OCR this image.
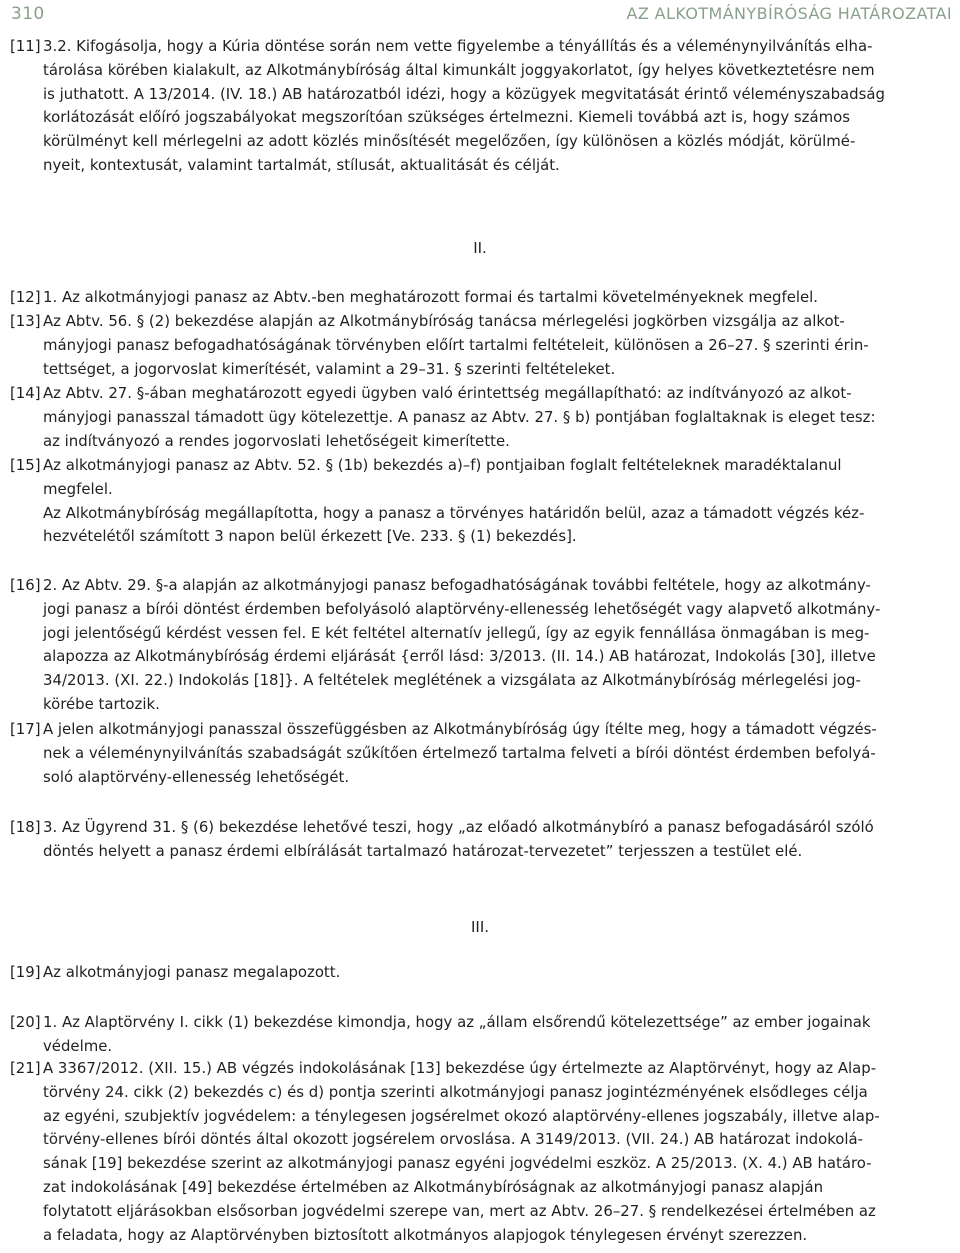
310	AZ ALKOTMÁNYBÍRÓSÁG HATÁROZATAI
[11] 3.2. Kifogásolja, hogy a Kúria döntése során nem vette figyelembe a tényállítás és a véleménynyilvánítás elha-

tárolása körében kialakult, az Alkotmánybíróság által kimunkált joggyakorlatot, így helyes következtetésre nem

is juthatott. A 13/2014. (IV. 18.) AB határozatból idézi, hogy a közügyek megvitatását érintő véleményszabadság

korlátozását előíró jogszabályokat megszorítóan szükséges értelmezni. Kiemeli továbbá azt is, hogy számos

körülményt kell mérlegelni az adott közlés minősítését megelőzően, így különösen a közlés módját, körülmé-

nyeit, kontextusát, valamint tartalmát, stílusát, aktualitását és célját.

II.
[12] 1. Az alkotmányjogi panasz az Abtv.-ben meghatározott formai és tartalmi követelményeknek megfelel.

[13] Az Abtv. 56. § (2) bekezdése alapján az Alkotmánybíróság tanácsa mérlegelési jogkörben vizsgálja az alkot-

mányjogi panasz befogadhatóságának törvényben előírt tartalmi feltételeit, különösen a 26–27. § szerinti érin-

tettséget, a jogorvoslat kimerítését, valamint a 29–31. § szerinti feltételeket.

[14] Az Abtv. 27. §-ában meghatározott egyedi ügyben való érintettség megállapítható: az indítványozó az alkot-

mányjogi panasszal támadott ügy kötelezettje. A panasz az Abtv. 27. § b) pontjában foglaltaknak is eleget tesz:

az indítványozó a rendes jogorvoslati lehetőségeit kimerítette.

[15] Az alkotmányjogi panasz az Abtv. 52. § (1b) bekezdés a)–f) pontjaiban foglalt feltételeknek maradéktalanul

megfelel.

Az Alkotmánybíróság megállapította, hogy a panasz a törvényes határidőn belül, azaz a támadott végzés kéz-

hezvételétől számított 3 napon belül érkezett [Ve. 233. § (1) bekezdés].

[16] 2. Az Abtv. 29. §-a alapján az alkotmányjogi panasz befogadhatóságának további feltétele, hogy az alkotmány-

jogi panasz a bírói döntést érdemben befolyásoló alaptörvény-ellenesség lehetőségét vagy alapvető alkotmány-

jogi jelentőségű kérdést vessen fel. E két feltétel alternatív jellegű, így az egyik fennállása önmagában is meg-

alapozza az Alkotmánybíróság érdemi eljárását {erről lásd: 3/2013. (II. 14.) AB határozat, Indokolás [30], illetve

34/2013. (XI. 22.) Indokolás [18]}. A feltételek meglétének a vizsgálata az Alkotmánybíróság mérlegelési jog-

körébe tartozik.

[17] A jelen alkotmányjogi panasszal összefüggésben az Alkotmánybíróság úgy ítélte meg, hogy a támadott végzés-

nek a véleménynyilvánítás szabadságát szűkítően értelmező tartalma felveti a bírói döntést érdemben befolyá-

soló alaptörvény-ellenesség lehetőségét.

[18] 3. Az Ügyrend 31. § (6) bekezdése lehetővé teszi, hogy „az előadó alkotmánybíró a panasz befogadásáról szóló

döntés helyett a panasz érdemi elbírálását tartalmazó határozat-tervezetet” terjesszen a testület elé.

III.
[19] Az alkotmányjogi panasz megalapozott.

[20] 1. Az Alaptörvény I. cikk (1) bekezdése kimondja, hogy az „állam elsőrendű kötelezettsége” az ember jogainak

védelme.

[21] A 3367/2012. (XII. 15.) AB végzés indokolásának [13] bekezdése úgy értelmezte az Alaptörvényt, hogy az Alap-

törvény 24. cikk (2) bekezdés c) és d) pontja szerinti alkotmányjogi panasz jogintézményének elsődleges célja

az egyéni, szubjektív jogvédelem: a ténylegesen jogsérelmet okozó alaptörvény-ellenes jogszabály, illetve alap-

törvény-ellenes bírói döntés által okozott jogsérelem orvoslása. A 3149/2013. (VII. 24.) AB határozat indokolá-

sának [19] bekezdése szerint az alkotmányjogi panasz egyéni jogvédelmi eszköz. A 25/2013. (X. 4.) AB határo-

zat indokolásának [49] bekezdése értelmében az Alkotmánybíróságnak az alkotmányjogi panasz alapján

folytatott eljárásokban elsősorban jogvédelmi szerepe van, mert az Abtv. 26–27. § rendelkezései értelmében az

a feladata, hogy az Alaptörvényben biztosított alkotmányos alapjogok ténylegesen érvényt szerezzen.
